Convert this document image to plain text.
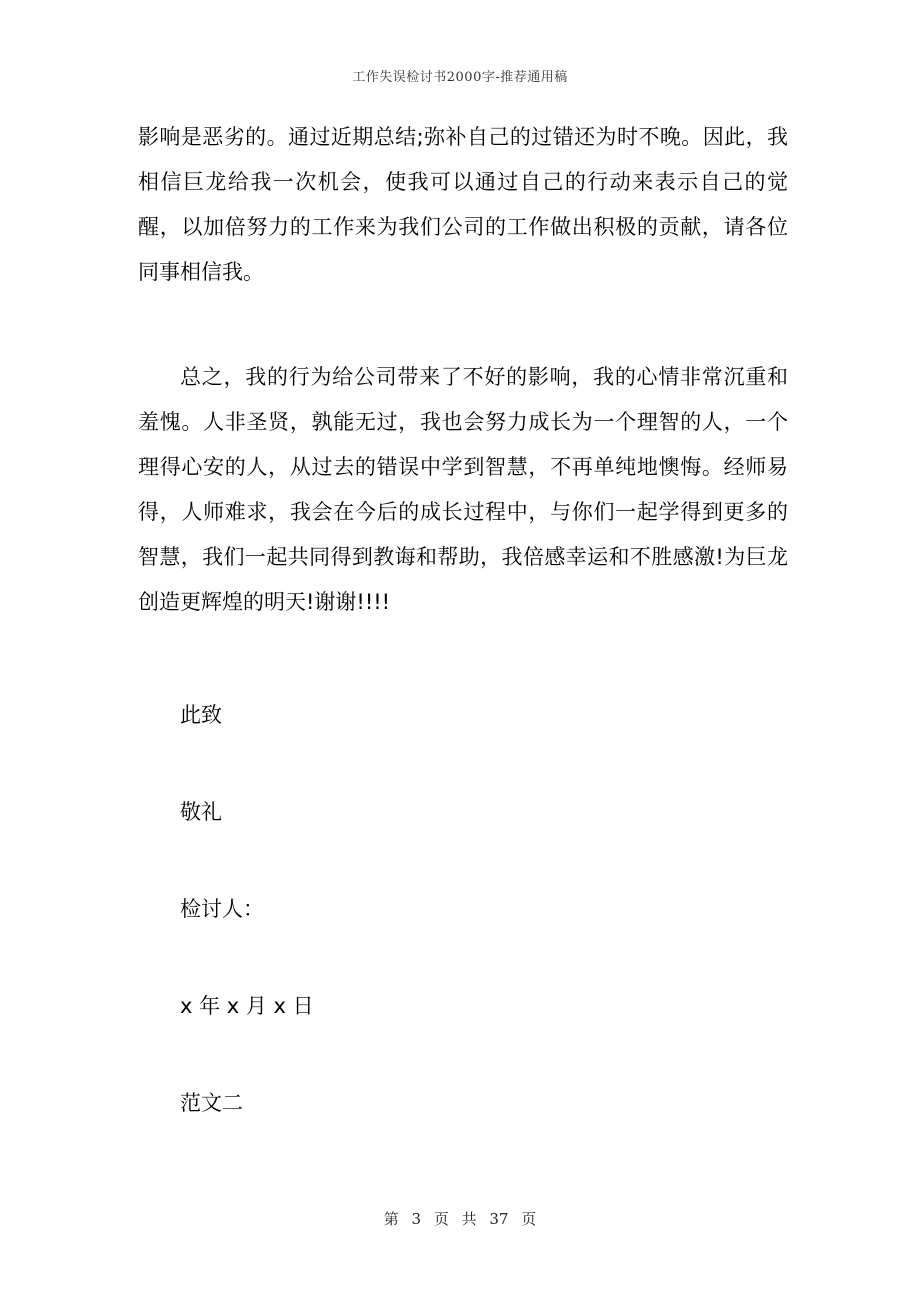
工作失误检讨书2000字-推荐通用稿

影响是恶劣的。通过近期总结;弥补自己的过错还为时不晚。因此，我相信巨龙给我一次机会，使我可以通过自己的行动来表示自己的觉醒，以加倍努力的工作来为我们公司的工作做出积极的贡献，请各位同事相信我。

总之，我的行为给公司带来了不好的影响，我的心情非常沉重和羞愧。人非圣贤，孰能无过，我也会努力成长为一个理智的人，一个理得心安的人，从过去的错误中学到智慧，不再单纯地懊悔。经师易得，人师难求，我会在今后的成长过程中，与你们一起学得到更多的智慧，我们一起共同得到教诲和帮助，我倍感幸运和不胜感激!为巨龙创造更辉煌的明天!谢谢!!!!

此致
敬礼
检讨人：
x 年 x 月 x 日
范文二
第 3 页 共 37 页
